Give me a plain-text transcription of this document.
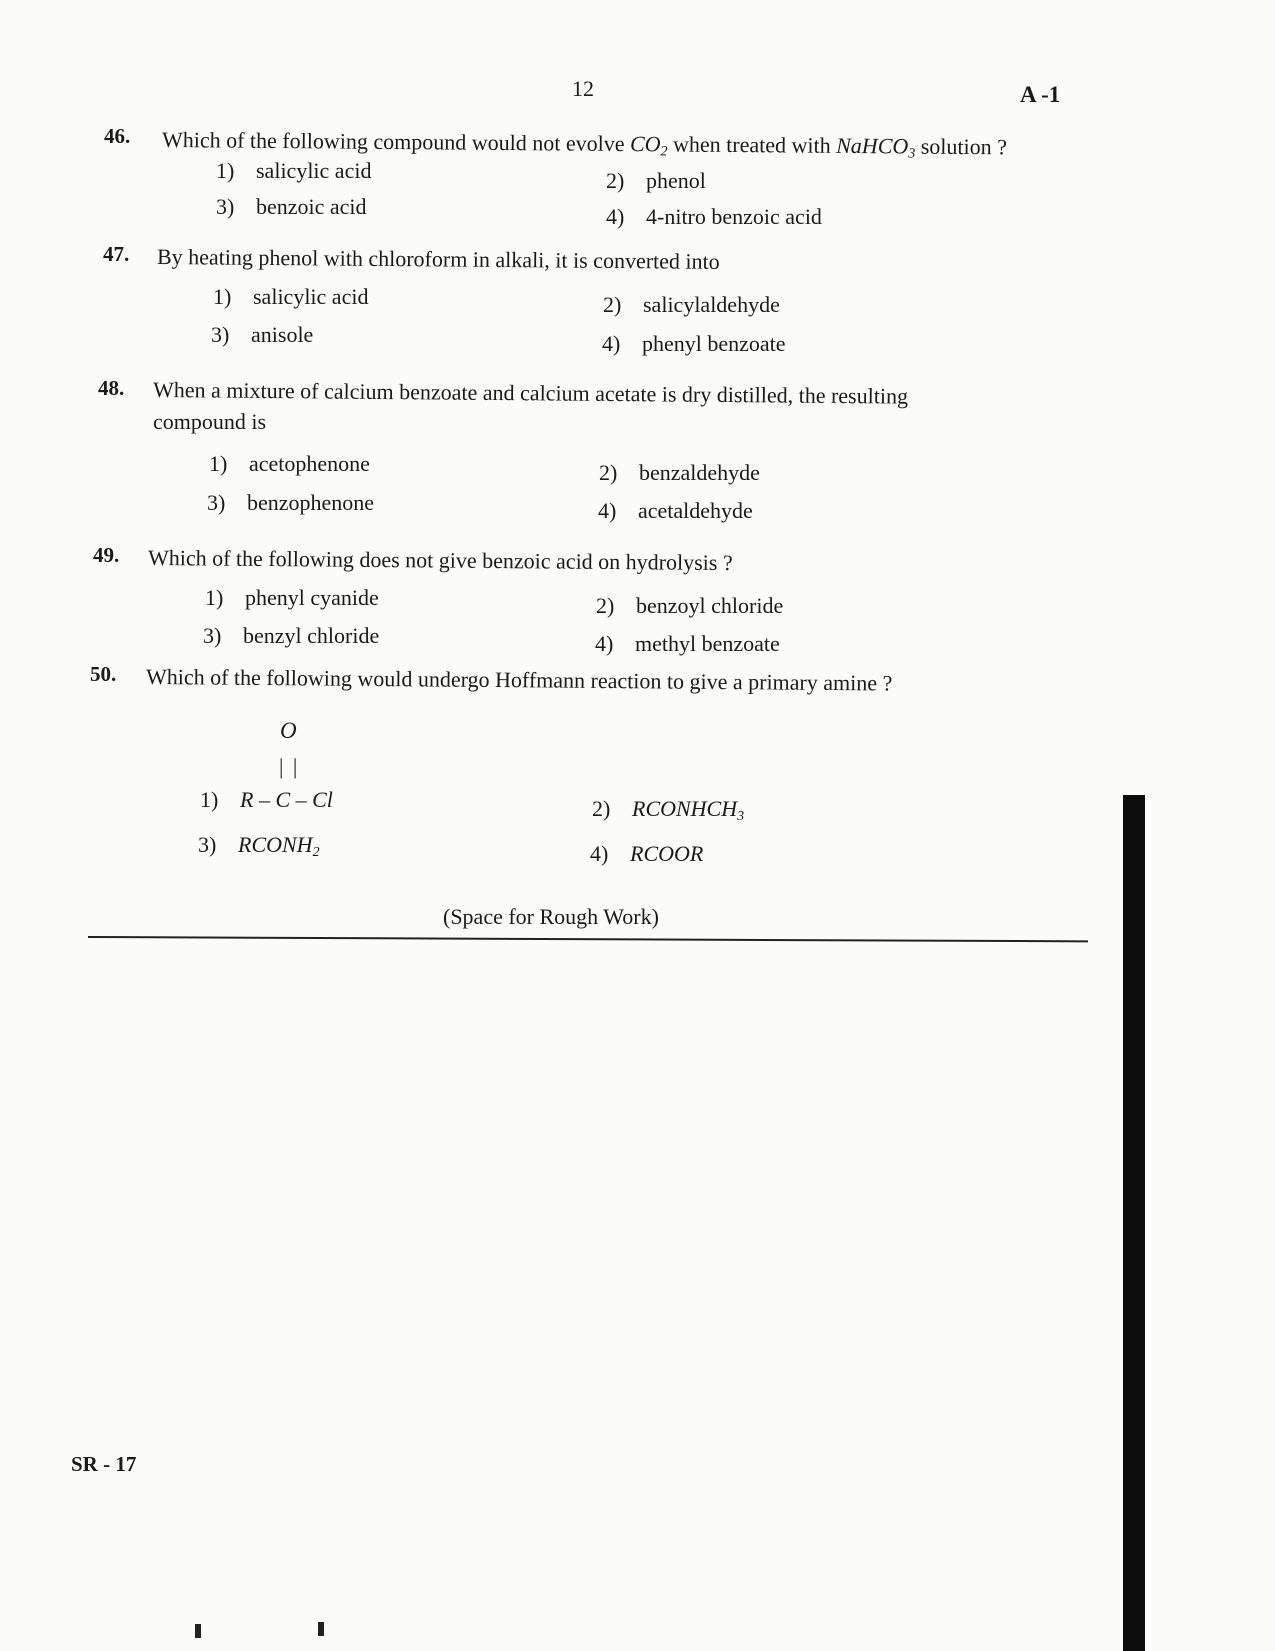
12	A -1
46. Which of the following compound would not evolve $CO_2$ when treated with NaHCO$_3$ solution ?
1) salicylic acid	2) phenol
3) benzoic acid	4) 4-nitro benzoic acid
47. By heating phenol with chloroform in alkali, it is converted into
1) salicylic acid	2) salicylaldehyde
3) anisole	4) phenyl benzoate
48. When a mixture of calcium benzoate and calcium acetate is dry distilled, the resulting
compound is
1) acetophenone	2) benzaldehyde
3) benzophenone	4) acetaldehyde
49. Which of the following does not give benzoic acid on hydrolysis ?
1) phenyl cyanide	2) benzoyl chloride
3) benzyl chloride	4) methyl benzoate
50. Which of the following would undergo Hoffmann reaction to give a primary amine ?
O
| |
1) R – C – Cl	2) $RCONHCH_3$
3) $RCONH_2$	4) RCOOR
(Space for Rough Work)
SR - 17
